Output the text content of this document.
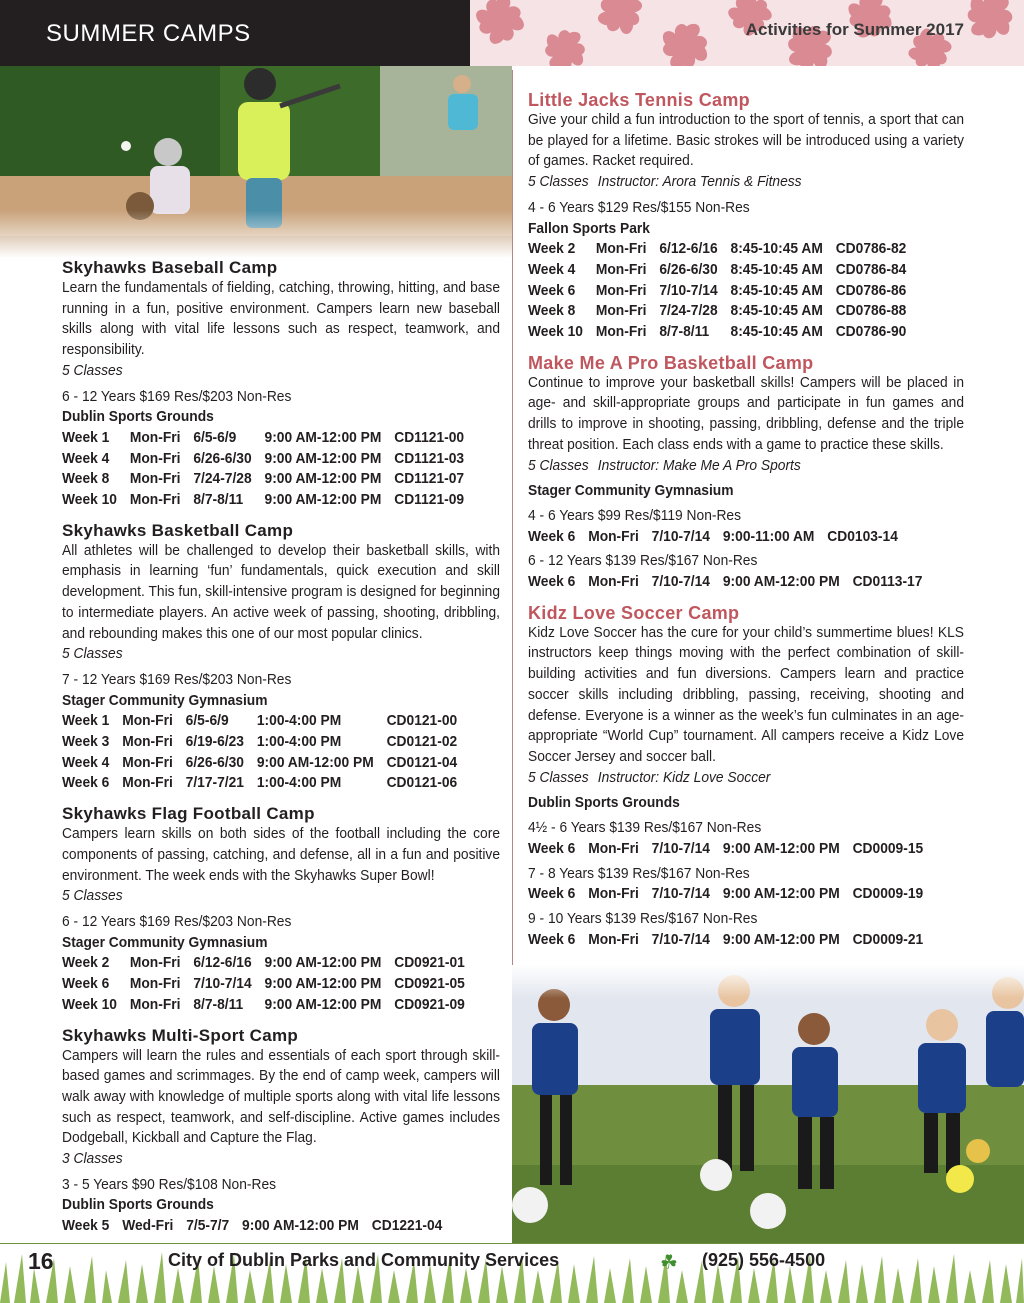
SUMMER CAMPS	Activities for Summer 2017
Skyhawks Baseball Camp
Learn the fundamentals of fielding, catching, throwing, hitting, and base running in a fun, positive environment. Campers learn new baseball skills along with vital life lessons such as respect, teamwork, and responsibility.
5 Classes
6 - 12 Years $169 Res/$203 Non-Res
Dublin Sports Grounds
Week 1	Mon-Fri	6/5-6/9	9:00 AM-12:00 PM	CD1121-00
Week 4	Mon-Fri	6/26-6/30	9:00 AM-12:00 PM	CD1121-03
Week 8	Mon-Fri	7/24-7/28	9:00 AM-12:00 PM	CD1121-07
Week 10	Mon-Fri	8/7-8/11	9:00 AM-12:00 PM	CD1121-09
Skyhawks Basketball Camp
All athletes will be challenged to develop their basketball skills, with emphasis in learning ‘fun’ fundamentals, quick execution and skill development. This fun, skill-intensive program is designed for beginning to intermediate players. An active week of passing, shooting, dribbling, and rebounding makes this one of our most popular clinics.
5 Classes
7 - 12 Years $169 Res/$203 Non-Res
Stager Community Gymnasium
Week 1	Mon-Fri	6/5-6/9	1:00-4:00 PM	CD0121-00
Week 3	Mon-Fri	6/19-6/23	1:00-4:00 PM	CD0121-02
Week 4	Mon-Fri	6/26-6/30	9:00 AM-12:00 PM	CD0121-04
Week 6	Mon-Fri	7/17-7/21	1:00-4:00 PM	CD0121-06
Skyhawks Flag Football Camp
Campers learn skills on both sides of the football including the core components of passing, catching, and defense, all in a fun and positive environment. The week ends with the Skyhawks Super Bowl!
5 Classes
6 - 12 Years $169 Res/$203 Non-Res
Stager Community Gymnasium
Week 2	Mon-Fri	6/12-6/16	9:00 AM-12:00 PM	CD0921-01
Week 6	Mon-Fri	7/10-7/14	9:00 AM-12:00 PM	CD0921-05
Week 10	Mon-Fri	8/7-8/11	9:00 AM-12:00 PM	CD0921-09
Skyhawks Multi-Sport Camp
Campers will learn the rules and essentials of each sport through skill-based games and scrimmages. By the end of camp week, campers will walk away with knowledge of multiple sports along with vital life lessons such as respect, teamwork, and self-discipline. Active games includes Dodgeball, Kickball and Capture the Flag.
3 Classes
3 - 5 Years $90 Res/$108 Non-Res
Dublin Sports Grounds
Week 5	Wed-Fri	7/5-7/7	9:00 AM-12:00 PM	CD1221-04
Little Jacks Tennis Camp
Give your child a fun introduction to the sport of tennis, a sport that can be played for a lifetime. Basic strokes will be introduced using a variety of games. Racket required.
5 Classes Instructor: Arora Tennis & Fitness
4 - 6 Years $129 Res/$155 Non-Res
Fallon Sports Park
Week 2	Mon-Fri	6/12-6/16	8:45-10:45 AM	CD0786-82
Week 4	Mon-Fri	6/26-6/30	8:45-10:45 AM	CD0786-84
Week 6	Mon-Fri	7/10-7/14	8:45-10:45 AM	CD0786-86
Week 8	Mon-Fri	7/24-7/28	8:45-10:45 AM	CD0786-88
Week 10	Mon-Fri	8/7-8/11	8:45-10:45 AM	CD0786-90
Make Me A Pro Basketball Camp
Continue to improve your basketball skills! Campers will be placed in age- and skill-appropriate groups and participate in fun games and drills to improve in shooting, passing, dribbling, defense and the triple threat position. Each class ends with a game to practice these skills.
5 Classes Instructor: Make Me A Pro Sports
Stager Community Gymnasium
4 - 6 Years $99 Res/$119 Non-Res
Week 6	Mon-Fri	7/10-7/14	9:00-11:00 AM	CD0103-14
6 - 12 Years $139 Res/$167 Non-Res
Week 6	Mon-Fri	7/10-7/14	9:00 AM-12:00 PM	CD0113-17
Kidz Love Soccer Camp
Kidz Love Soccer has the cure for your child’s summertime blues! KLS instructors keep things moving with the perfect combination of skill-building activities and fun diversions. Campers learn and practice soccer skills including dribbling, passing, receiving, shooting and defense. Everyone is a winner as the week’s fun culminates in an age-appropriate “World Cup” tournament. All campers receive a Kidz Love Soccer Jersey and soccer ball.
5 Classes Instructor: Kidz Love Soccer
Dublin Sports Grounds
4½ - 6 Years $139 Res/$167 Non-Res
Week 6	Mon-Fri	7/10-7/14	9:00 AM-12:00 PM	CD0009-15
7 - 8 Years $139 Res/$167 Non-Res
Week 6	Mon-Fri	7/10-7/14	9:00 AM-12:00 PM	CD0009-19
9 - 10 Years $139 Res/$167 Non-Res
Week 6	Mon-Fri	7/10-7/14	9:00 AM-12:00 PM	CD0009-21
16	City of Dublin Parks and Community Services	☘ (925) 556-4500
